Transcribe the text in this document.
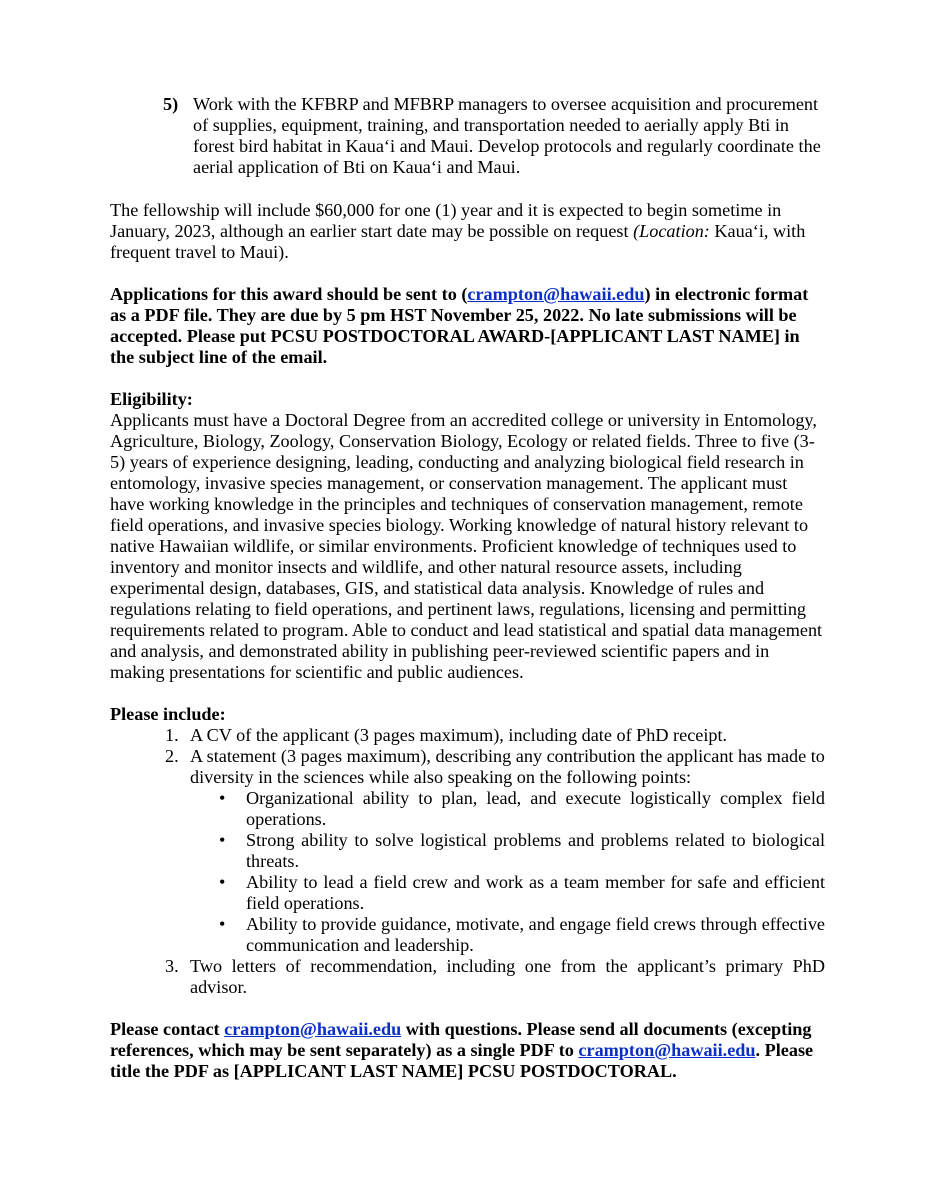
5) Work with the KFBRP and MFBRP managers to oversee acquisition and procurement of supplies, equipment, training, and transportation needed to aerially apply Bti in forest bird habitat in Kaua‘i and Maui. Develop protocols and regularly coordinate the aerial application of Bti on Kaua‘i and Maui.

The fellowship will include $60,000 for one (1) year and it is expected to begin sometime in January, 2023, although an earlier start date may be possible on request (Location: Kaua‘i, with frequent travel to Maui).

Applications for this award should be sent to (crampton@hawaii.edu) in electronic format as a PDF file. They are due by 5 pm HST November 25, 2022. No late submissions will be accepted. Please put PCSU POSTDOCTORAL AWARD-[APPLICANT LAST NAME] in the subject line of the email.

Eligibility:

Applicants must have a Doctoral Degree from an accredited college or university in Entomology, Agriculture, Biology, Zoology, Conservation Biology, Ecology or related fields. Three to five (3-5) years of experience designing, leading, conducting and analyzing biological field research in entomology, invasive species management, or conservation management. The applicant must have working knowledge in the principles and techniques of conservation management, remote field operations, and invasive species biology. Working knowledge of natural history relevant to native Hawaiian wildlife, or similar environments. Proficient knowledge of techniques used to inventory and monitor insects and wildlife, and other natural resource assets, including experimental design, databases, GIS, and statistical data analysis. Knowledge of rules and regulations relating to field operations, and pertinent laws, regulations, licensing and permitting requirements related to program. Able to conduct and lead statistical and spatial data management and analysis, and demonstrated ability in publishing peer-reviewed scientific papers and in making presentations for scientific and public audiences.

Please include:

1. A CV of the applicant (3 pages maximum), including date of PhD receipt.
2. A statement (3 pages maximum), describing any contribution the applicant has made to diversity in the sciences while also speaking on the following points:
• Organizational ability to plan, lead, and execute logistically complex field operations.
• Strong ability to solve logistical problems and problems related to biological threats.
• Ability to lead a field crew and work as a team member for safe and efficient field operations.
• Ability to provide guidance, motivate, and engage field crews through effective communication and leadership.
3. Two letters of recommendation, including one from the applicant’s primary PhD advisor.

Please contact crampton@hawaii.edu with questions. Please send all documents (excepting references, which may be sent separately) as a single PDF to crampton@hawaii.edu. Please title the PDF as [APPLICANT LAST NAME] PCSU POSTDOCTORAL.
